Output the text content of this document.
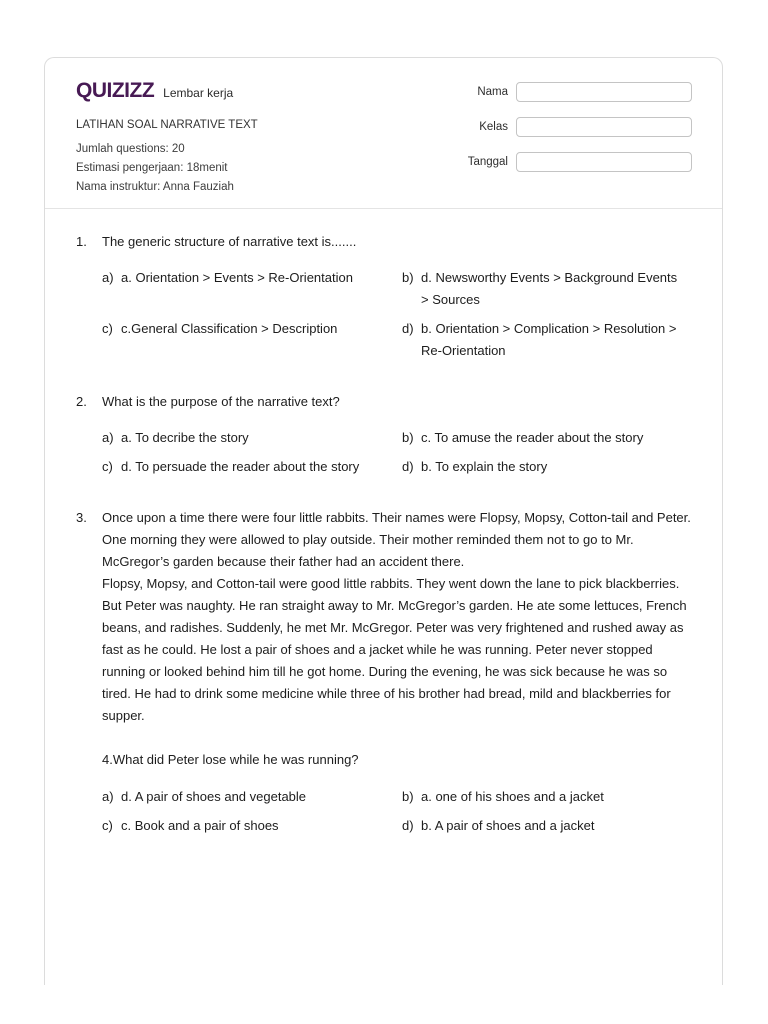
QUIZIZZ Lembar kerja
LATIHAN SOAL NARRATIVE TEXT
Jumlah questions: 20
Estimasi pengerjaan: 18menit
Nama instruktur: Anna Fauziah
Nama
Kelas
Tanggal
1.	The generic structure of narrative text is.......
a) a. Orientation > Events > Re-Orientation	b) d. Newsworthy Events > Background Events > Sources
c) c.General Classification > Description	d) b. Orientation > Complication > Resolution > Re-Orientation
2.	What is the purpose of the narrative text?
a) a. To decribe the story	b) c. To amuse the reader about the story
c) d. To persuade the reader about the story	d) b. To explain the story
3.	Once upon a time there were four little rabbits. Their names were Flopsy, Mopsy, Cotton-tail and Peter. One morning they were allowed to play outside. Their mother reminded them not to go to Mr. McGregor’s garden because their father had an accident there.

Flopsy, Mopsy, and Cotton-tail were good little rabbits. They went down the lane to pick blackberries. But Peter was naughty. He ran straight away to Mr. McGregor’s garden. He ate some lettuces, French beans, and radishes. Suddenly, he met Mr. McGregor. Peter was very frightened and rushed away as fast as he could. He lost a pair of shoes and a jacket while he was running. Peter never stopped running or looked behind him till he got home. During the evening, he was sick because he was so tired. He had to drink some medicine while three of his brother had bread, mild and blackberries for supper.

4.What did Peter lose while he was running?
a) d. A pair of shoes and vegetable	b) a. one of his shoes and a jacket
c) c. Book and a pair of shoes	d) b. A pair of shoes and a jacket
